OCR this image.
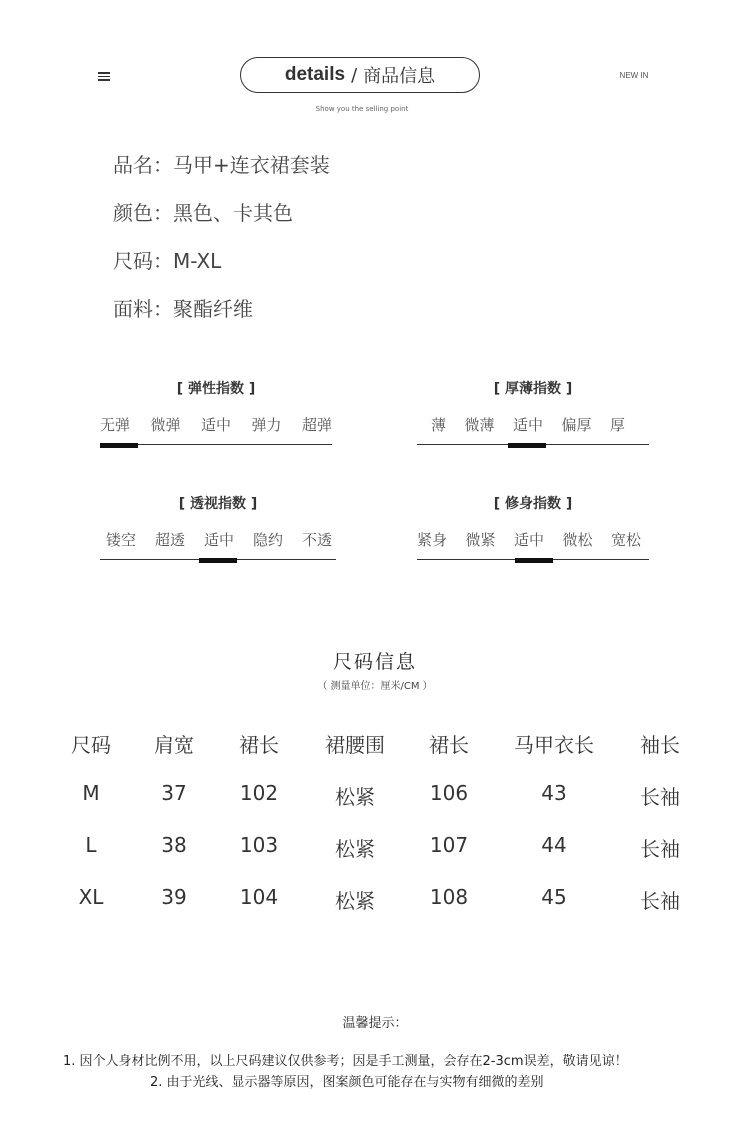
details / 商品信息
Show you the selling point
NEW IN
品名：马甲+连衣裙套装
颜色：黑色、卡其色
尺码：M-XL
面料：聚酯纤维
[ 弹性指数 ]
无弹 微弹 适中 弹力 超弹
[ 厚薄指数 ]
薄 微薄 适中 偏厚 厚
[ 透视指数 ]
镂空 超透 适中 隐约 不透
[ 修身指数 ]
紧身 微紧 适中 微松 宽松
尺码信息
（ 测量单位：厘米/CM ）
尺码 肩宽 裙长 裙腰围 裙长 马甲衣长 袖长
M	37	102	松紧	106	43	长袖
L	38	103	松紧	107	44	长袖
XL	39	104	松紧	108	45	长袖
温馨提示：
1. 因个人身材比例不用，以上尺码建议仅供参考；因是手工测量，会存在2-3cm误差，敬请见谅！
2. 由于光线、显示器等原因，图案颜色可能存在与实物有细微的差别
